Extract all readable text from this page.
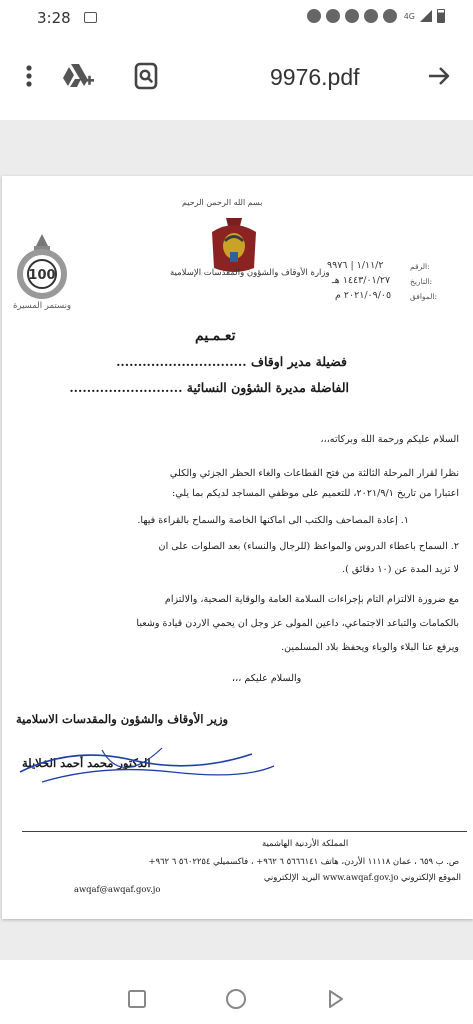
3:28	4G
9976.pdf
بسم الله الرحمن الرحيم
100
ونستمر المسيرة
وزارة الأوقاف والشؤون والمقدسات الإسلامية
الرقم:
١/١١/٢ | ٩٩٧٦
التاريخ:
١٤٤٣/٠١/٢٧ هـ
الموافق:
٢٠٢١/٠٩/٠٥ م
تعـمـيم
فضيلة مدير اوقاف ..............................
الفاضلة مديرة الشؤون النسائية ..........................
السلام عليكم ورحمة الله وبركاته،،،
نظرا لقرار المرحلة الثالثة من فتح القطاعات والغاء الحظر الجزئي والكلي
اعتبارا من تاريخ ٢٠٢١/٩/١، للتعميم على موظفي المساجد لديكم بما يلي:
١. إعادة المصاحف والكتب الى اماكنها الخاصة والسماح بالقراءة فيها.
٢. السماح باعطاء الدروس والمواعظ (للرجال والنساء) بعد الصلوات على ان
لا تزيد المدة عن (١٠ دقائق ).
مع ضرورة الالتزام التام بإجراءات السلامة العامة والوقاية الصحية، والالتزام
بالكمامات والتباعد الاجتماعي، داعين المولى عز وجل ان يحمي الاردن قيادة وشعبا
ويرفع عنا البلاء والوباء ويحفظ بلاد المسلمين.
والسلام عليكم ،،،
وزير الأوقاف والشؤون والمقدسات الاسلامية
الدكتور محمد أحمد الخلايلة
المملكة الأردنية الهاشمية
ص. ب ٦٥٩ ، عمان ١١١١٨ الأردن، هاتف ٥٦٦٦١٤١ ٦ ٩٦٢+ ، فاكسميلي ٥٦٠٢٢٥٤ ٦ ٩٦٢+
الموقع الإلكتروني www.awqaf.gov.jo البريد الإلكتروني
awqaf@awqaf.gov.jo
